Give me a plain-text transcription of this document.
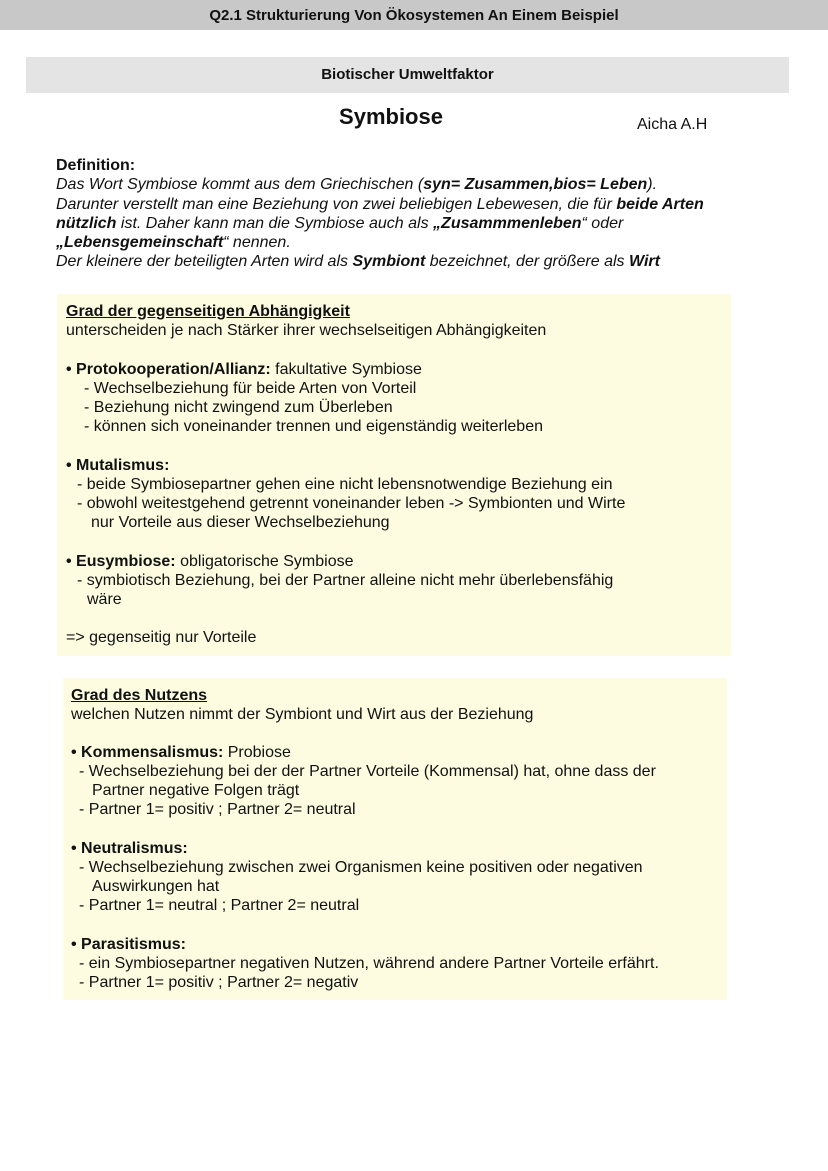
Q2.1 Strukturierung Von Ökosystemen An Einem Beispiel
Biotischer Umweltfaktor
Symbiose	Aicha A.H
Definition:
Das Wort Symbiose kommt aus dem Griechischen (syn= Zusammen,bios= Leben).
Darunter verstellt man eine Beziehung von zwei beliebigen Lebewesen, die für beide Arten
nützlich ist. Daher kann man die Symbiose auch als „Zusammmenleben“ oder
„Lebensgemeinschaft“ nennen.
Der kleinere der beteiligten Arten wird als Symbiont bezeichnet, der größere als Wirt
Grad der gegenseitigen Abhängigkeit
unterscheiden je nach Stärker ihrer wechselseitigen Abhängigkeiten
• Protokooperation/Allianz: fakultative Symbiose
- Wechselbeziehung für beide Arten von Vorteil
- Beziehung nicht zwingend zum Überleben
- können sich voneinander trennen und eigenständig weiterleben
• Mutalismus:
- beide Symbiosepartner gehen eine nicht lebensnotwendige Beziehung ein
- obwohl weitestgehend getrennt voneinander leben -> Symbionten und Wirte
nur Vorteile aus dieser Wechselbeziehung
• Eusymbiose: obligatorische Symbiose
- symbiotisch Beziehung, bei der Partner alleine nicht mehr überlebensfähig
wäre
=> gegenseitig nur Vorteile
Grad des Nutzens
welchen Nutzen nimmt der Symbiont und Wirt aus der Beziehung
• Kommensalismus: Probiose
- Wechselbeziehung bei der der Partner Vorteile (Kommensal) hat, ohne dass der
Partner negative Folgen trägt
- Partner 1= positiv ; Partner 2= neutral
• Neutralismus:
- Wechselbeziehung zwischen zwei Organismen keine positiven oder negativen
Auswirkungen hat
- Partner 1= neutral ; Partner 2= neutral
• Parasitismus:
- ein Symbiosepartner negativen Nutzen, während andere Partner Vorteile erfährt.
- Partner 1= positiv ; Partner 2= negativ
